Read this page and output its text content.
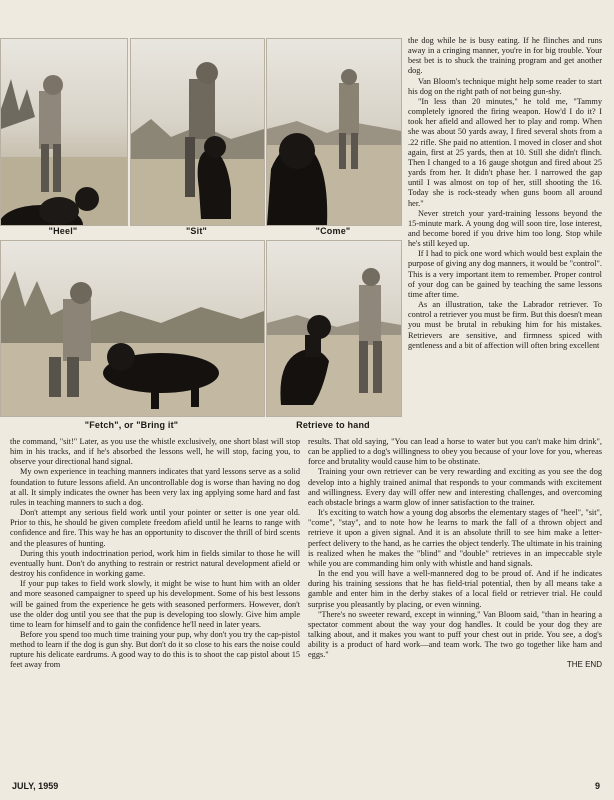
"Heel"	"Sit"	"Come"
"Fetch", or "Bring it"	Retrieve to hand

the dog while he is busy eating. If he flinches and runs away in a cringing manner, you're in for big trouble. Your best bet is to shuck the training program and get another dog.

Van Bloom's technique might help some reader to start his dog on the right path of not being gun-shy.

"In less than 20 minutes," he told me, "Tammy completely ignored the firing weapon. How'd I do it? I took her afield and allowed her to play and romp. When she was about 50 yards away, I fired several shots from a .22 rifle. She paid no attention. I moved in closer and shot again, first at 25 yards, then at 10. Still she didn't flinch. Then I changed to a 16 gauge shotgun and fired about 25 yards from her. It didn't phase her. I narrowed the gap until I was almost on top of her, still shooting the 16. Today she is rock-steady when guns boom all around her."

Never stretch your yard-training lessons beyond the 15-minute mark. A young dog will soon tire, lose interest, and become bored if you drive him too long. Stop while he's still keyed up.

If I had to pick one word which would best explain the purpose of giving any dog manners, it would be "control". This is a very important item to remember. Proper control of your dog can be gained by teaching the same lessons time after time.

As an illustration, take the Labrador retriever. To control a retriever you must be firm. But this doesn't mean you must be brutal in rebuking him for his mistakes. Retrievers are sensitive, and firmness spiced with gentleness and a bit of affection will often bring excellent

the command, "sit!" Later, as you use the whistle exclusively, one short blast will stop him in his tracks, and if he's absorbed the lessons well, he will stop, facing you, to observe your directional hand signal.

My own experience in teaching manners indicates that yard lessons serve as a solid foundation to future lessons afield. An uncontrollable dog is worse than having no dog at all. It simply indicates the owner has been very lax ing applying some hard and fast rules in teaching manners to such a dog.

Don't attempt any serious field work until your pointer or setter is one year old. Prior to this, he should be given complete freedom afield until he learns to range with confidence and fire. This way he has an opportunity to discover the thrill of bird scents and the pleasures of hunting.

During this youth indoctrination period, work him in fields similar to those he will eventually hunt. Don't do anything to restrain or restrict natural development afield or destroy his confidence in working game.

If your pup takes to field work slowly, it might be wise to hunt him with an older and more seasoned campaigner to speed up his development. Some of his best lessons will be gained from the experience he gets with seasoned performers. However, don't use the older dog until you see that the pup is developing too slowly. Give him ample time to learn for himself and to gain the confidence he'll need in later years.

Before you spend too much time training your pup, why don't you try the cap-pistol method to learn if the dog is gun shy. But don't do it so close to his ears the noise could rupture his delicate eardrums. A good way to do this is to shoot the cap pistol about 15 feet away from

results. That old saying, "You can lead a horse to water but you can't make him drink", can be applied to a dog's willingness to obey you because of your love for you, whereas force and brutality would cause him to be obstinate.

Training your own retriever can be very rewarding and exciting as you see the dog develop into a highly trained animal that responds to your commands with excitement and willingness. Every day will offer new and interesting challenges, and overcoming each obstacle brings a warm glow of inner satisfaction to the trainer.

It's exciting to watch how a young dog absorbs the elementary stages of "heel", "sit", "come", "stay", and to note how he learns to mark the fall of a thrown object and retrieve it upon a given signal. And it is an absolute thrill to see him make a letter-perfect delivery to the hand, as he carries the object tenderly. The ultimate in his training is realized when he makes the "blind" and "double" retrieves in an impeccable style while you are commanding him only with whistle and hand signals.

In the end you will have a well-mannered dog to be proud of. And if he indicates during his training sessions that he has field-trial potential, then by all means take a gamble and enter him in the derby stakes of a local field or retriever trial. He could surprise you pleasantly by placing, or even winning.

"There's no sweeter reward, except in winning," Van Bloom said, "than in hearing a spectator comment about the way your dog handles. It could be your dog they are talking about, and it makes you want to puff your chest out in pride. You see, a dog's ability is a product of hard work—and team work. The two go together like ham and eggs."

THE END
JULY, 1959	9
